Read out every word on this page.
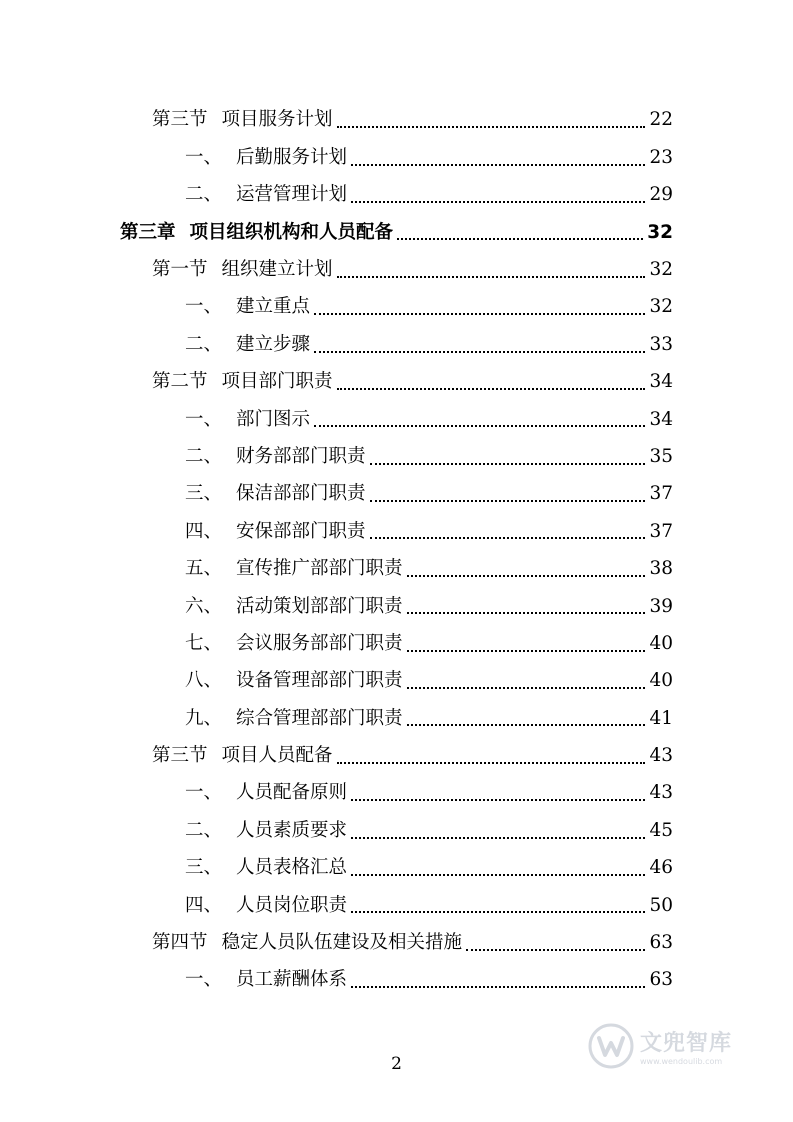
第三节 项目服务计划	22
一、 后勤服务计划	23
二、 运营管理计划	29
第三章 项目组织机构和人员配备	32
第一节 组织建立计划	32
一、 建立重点	32
二、 建立步骤	33
第二节 项目部门职责	34
一、 部门图示	34
二、 财务部部门职责	35
三、 保洁部部门职责	37
四、 安保部部门职责	37
五、 宣传推广部部门职责	38
六、 活动策划部部门职责	39
七、 会议服务部部门职责	40
八、 设备管理部部门职责	40
九、 综合管理部部门职责	41
第三节 项目人员配备	43
一、 人员配备原则	43
二、 人员素质要求	45
三、 人员表格汇总	46
四、 人员岗位职责	50
第四节 稳定人员队伍建设及相关措施	63
一、 员工薪酬体系	63
2
文兜智库
www.wendoulib.com
